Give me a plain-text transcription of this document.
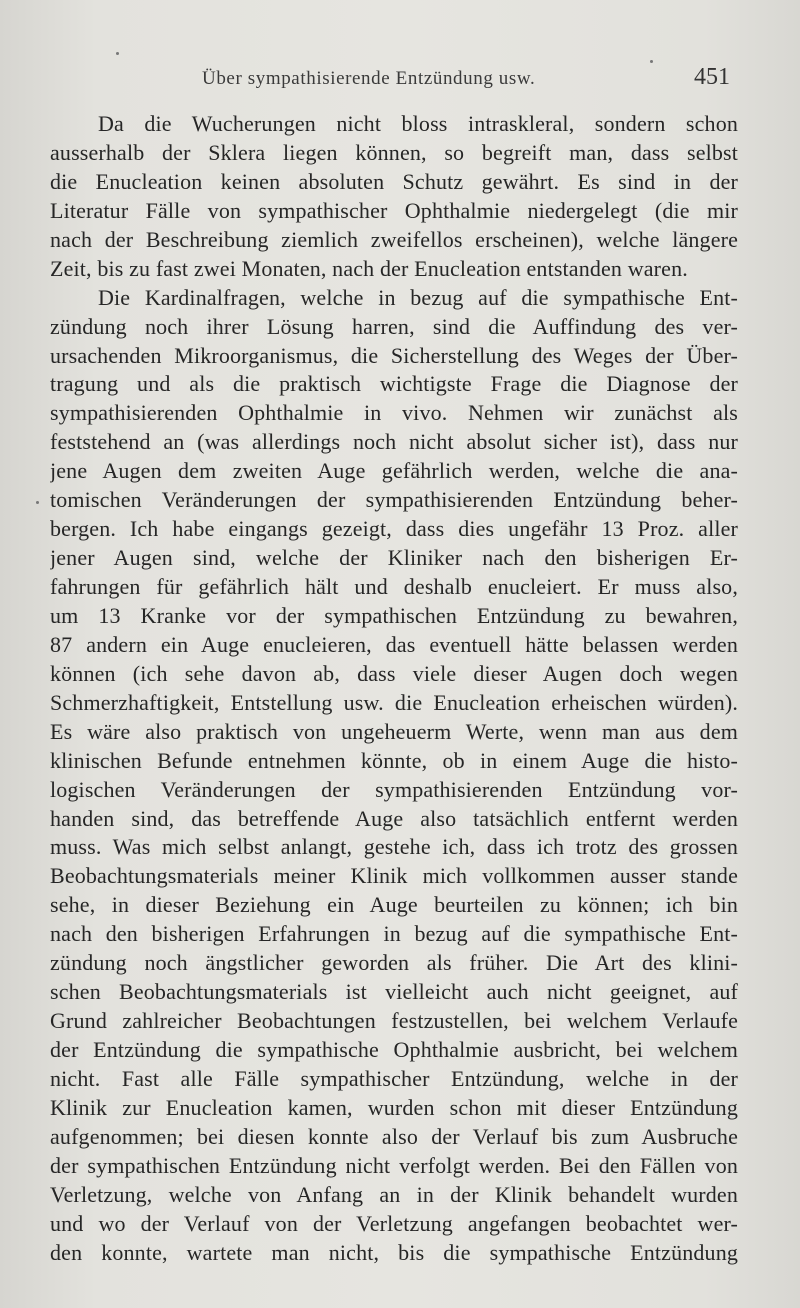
Über sympathisierende Entzündung usw.	451
Da die Wucherungen nicht bloss intraskleral, sondern schon
ausserhalb der Sklera liegen können, so begreift man, dass selbst
die Enucleation keinen absoluten Schutz gewährt. Es sind in der
Literatur Fälle von sympathischer Ophthalmie niedergelegt (die mir
nach der Beschreibung ziemlich zweifellos erscheinen), welche längere
Zeit, bis zu fast zwei Monaten, nach der Enucleation entstanden waren.
Die Kardinalfragen, welche in bezug auf die sympathische Ent-
zündung noch ihrer Lösung harren, sind die Auffindung des ver-
ursachenden Mikroorganismus, die Sicherstellung des Weges der Über-
tragung und als die praktisch wichtigste Frage die Diagnose der
sympathisierenden Ophthalmie in vivo. Nehmen wir zunächst als
feststehend an (was allerdings noch nicht absolut sicher ist), dass nur
jene Augen dem zweiten Auge gefährlich werden, welche die ana-
tomischen Veränderungen der sympathisierenden Entzündung beher-
bergen. Ich habe eingangs gezeigt, dass dies ungefähr 13 Proz. aller
jener Augen sind, welche der Kliniker nach den bisherigen Er-
fahrungen für gefährlich hält und deshalb enucleiert. Er muss also,
um 13 Kranke vor der sympathischen Entzündung zu bewahren,
87 andern ein Auge enucleieren, das eventuell hätte belassen werden
können (ich sehe davon ab, dass viele dieser Augen doch wegen
Schmerzhaftigkeit, Entstellung usw. die Enucleation erheischen würden).
Es wäre also praktisch von ungeheuerm Werte, wenn man aus dem
klinischen Befunde entnehmen könnte, ob in einem Auge die histo-
logischen Veränderungen der sympathisierenden Entzündung vor-
handen sind, das betreffende Auge also tatsächlich entfernt werden
muss. Was mich selbst anlangt, gestehe ich, dass ich trotz des grossen
Beobachtungsmaterials meiner Klinik mich vollkommen ausser stande
sehe, in dieser Beziehung ein Auge beurteilen zu können; ich bin
nach den bisherigen Erfahrungen in bezug auf die sympathische Ent-
zündung noch ängstlicher geworden als früher. Die Art des klini-
schen Beobachtungsmaterials ist vielleicht auch nicht geeignet, auf
Grund zahlreicher Beobachtungen festzustellen, bei welchem Verlaufe
der Entzündung die sympathische Ophthalmie ausbricht, bei welchem
nicht. Fast alle Fälle sympathischer Entzündung, welche in der
Klinik zur Enucleation kamen, wurden schon mit dieser Entzündung
aufgenommen; bei diesen konnte also der Verlauf bis zum Ausbruche
der sympathischen Entzündung nicht verfolgt werden. Bei den Fällen von
Verletzung, welche von Anfang an in der Klinik behandelt wurden
und wo der Verlauf von der Verletzung angefangen beobachtet wer-
den konnte, wartete man nicht, bis die sympathische Entzündung
